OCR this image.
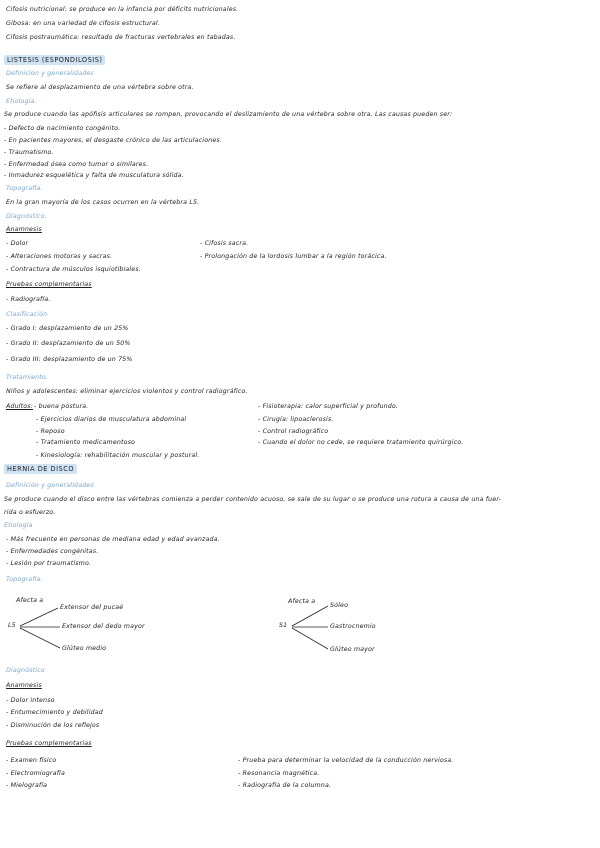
Cifosis nutricional: se produce en la infancia por déficits nutricionales.
Gibosa: en una variedad de cifosis estructural.
Cifosis postraumática: resultado de fracturas vertebrales en tabadas.
LISTESIS (ESPONDILOSIS)
Definición y generalidades
Se refiere al desplazamiento de una vértebra sobre otra.
Etiología.
Se produce cuando las apófisis articulares se rompen, provocando el deslizamiento de una vértebra sobre otra. Las causas pueden ser:
- Defecto de nacimiento congénito.
- En pacientes mayores, el desgaste crónico de las articulaciones.
- Traumatismo.
- Enfermedad ósea como tumor o similares.
- Inmadurez esquelética y falta de musculatura sólida.
Topografía.
En la gran mayoría de los casos ocurren en la vértebra L5.
Diagnóstico.
Anamnesis
- Dolor
- Alteraciones motoras y sacras.
- Contractura de músculos isquiotibiales.
- Cifosis sacra.
- Prolongación de la lordosis lumbar a la región torácica.
Pruebas complementarias
- Radiografía.
Clasificación
- Grado I: desplazamiento de un 25%
- Grado II: desplazamiento de un 50%
- Grado III: desplazamiento de un 75%
Tratamiento.
Niños y adolescentes: eliminar ejercicios violentos y control radiográfico.
Adultos: - buena postura.
- Ejercicios diarios de musculatura abdominal
- Reposo
- Tratamiento medicamentoso
- Kinesiología: rehabilitación muscular y postural.
- Fisioterapia: calor superficial y profundo.
- Cirugía: lipoaclerosis.
- Control radiográfico
- Cuando el dolor no cede, se requiere tratamiento quirúrgico.
HERNIA DE DISCO
Definición y generalidades
Se produce cuando el disco entre las vértebras comienza a perder contenido acuoso, se sale de su lugar o se produce una rotura a causa de una fuer-
rida o esfuerzo.
Etiología
- Más frecuente en personas de mediana edad y edad avanzada.
- Enfermedades congénitas.
- Lesión por traumatismo.
Topografía.
Afecta a
L5
Extensor del pucaé
Extensor del dedo mayor
Glúteo medio
Afecta a
S1
Sóleo
Gastrocnemio
Glúteo mayor
Diagnóstico
Anamnesis
- Dolor intenso
- Entumecimiento y debilidad
- Disminución de los reflejos
Pruebas complementarias
- Examen físico
- Electromiografía
- Mielografía
- Prueba para determinar la velocidad de la conducción nerviosa.
- Resonancia magnética.
- Radiografía de la columna.
